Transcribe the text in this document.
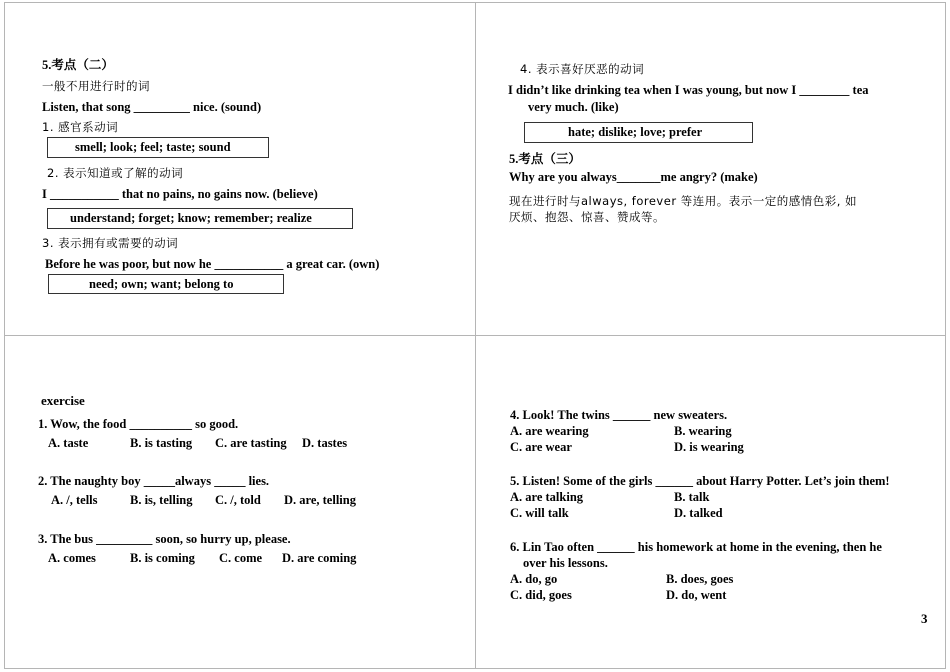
5.考点（二）
一般不用进行时的词
Listen, that song _________ nice. (sound)
1. 感官系动词
smell; look; feel; taste; sound
2. 表示知道或了解的动词
I ___________ that no pains, no gains now. (believe)
understand; forget; know; remember; realize
3. 表示拥有或需要的动词
Before he was poor, but now he ___________ a great car. (own)
need; own; want; belong to
4. 表示喜好厌恶的动词
I didn’t like drinking tea when I was young, but now I ________ tea
very much. (like)
hate; dislike; love; prefer
5.考点（三）
Why are you always_______me angry? (make)
现在进行时与always, forever 等连用。表示一定的感情色彩, 如
厌烦、抱怨、惊喜、赞成等。
exercise
1. Wow, the food __________ so good.
A. taste	B. is tasting C. are tasting D. tastes
2. The naughty boy _____always _____ lies.
A. /, tells	B. is, telling C. /, told D. are, telling
3. The bus _________ soon, so hurry up, please.
A. comes	B. is coming C. come D. are coming
4. Look! The twins ______ new sweaters.
A. are wearing	B. wearing
C. are wear	D. is wearing
5. Listen! Some of the girls ______ about Harry Potter. Let’s join them!
A. are talking	B. talk
C. will talk	D. talked
6. Lin Tao often ______ his homework at home in the evening, then he
over his lessons.
A. do, go	B. does, goes
C. did, goes	D. do, went
3
